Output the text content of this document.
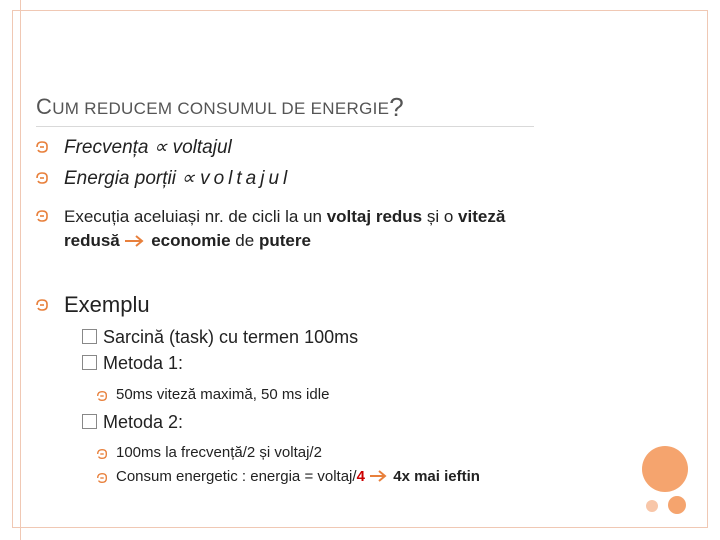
CUM REDUCEM CONSUMUL DE ENERGIE?
Frecvența ∝ voltajul
Energia porții ∝ voltajul
Execuția aceluiași nr. de cicli la un voltaj redus și o viteză
redusă  economie de putere
Exemplu
Sarcină (task) cu termen 100ms
Metoda 1:
50ms viteză maximă, 50 ms idle
Metoda 2:
100ms la frecvență/2 și voltaj/2
Consum energetic : energia = voltaj/4  4x mai ieftin
